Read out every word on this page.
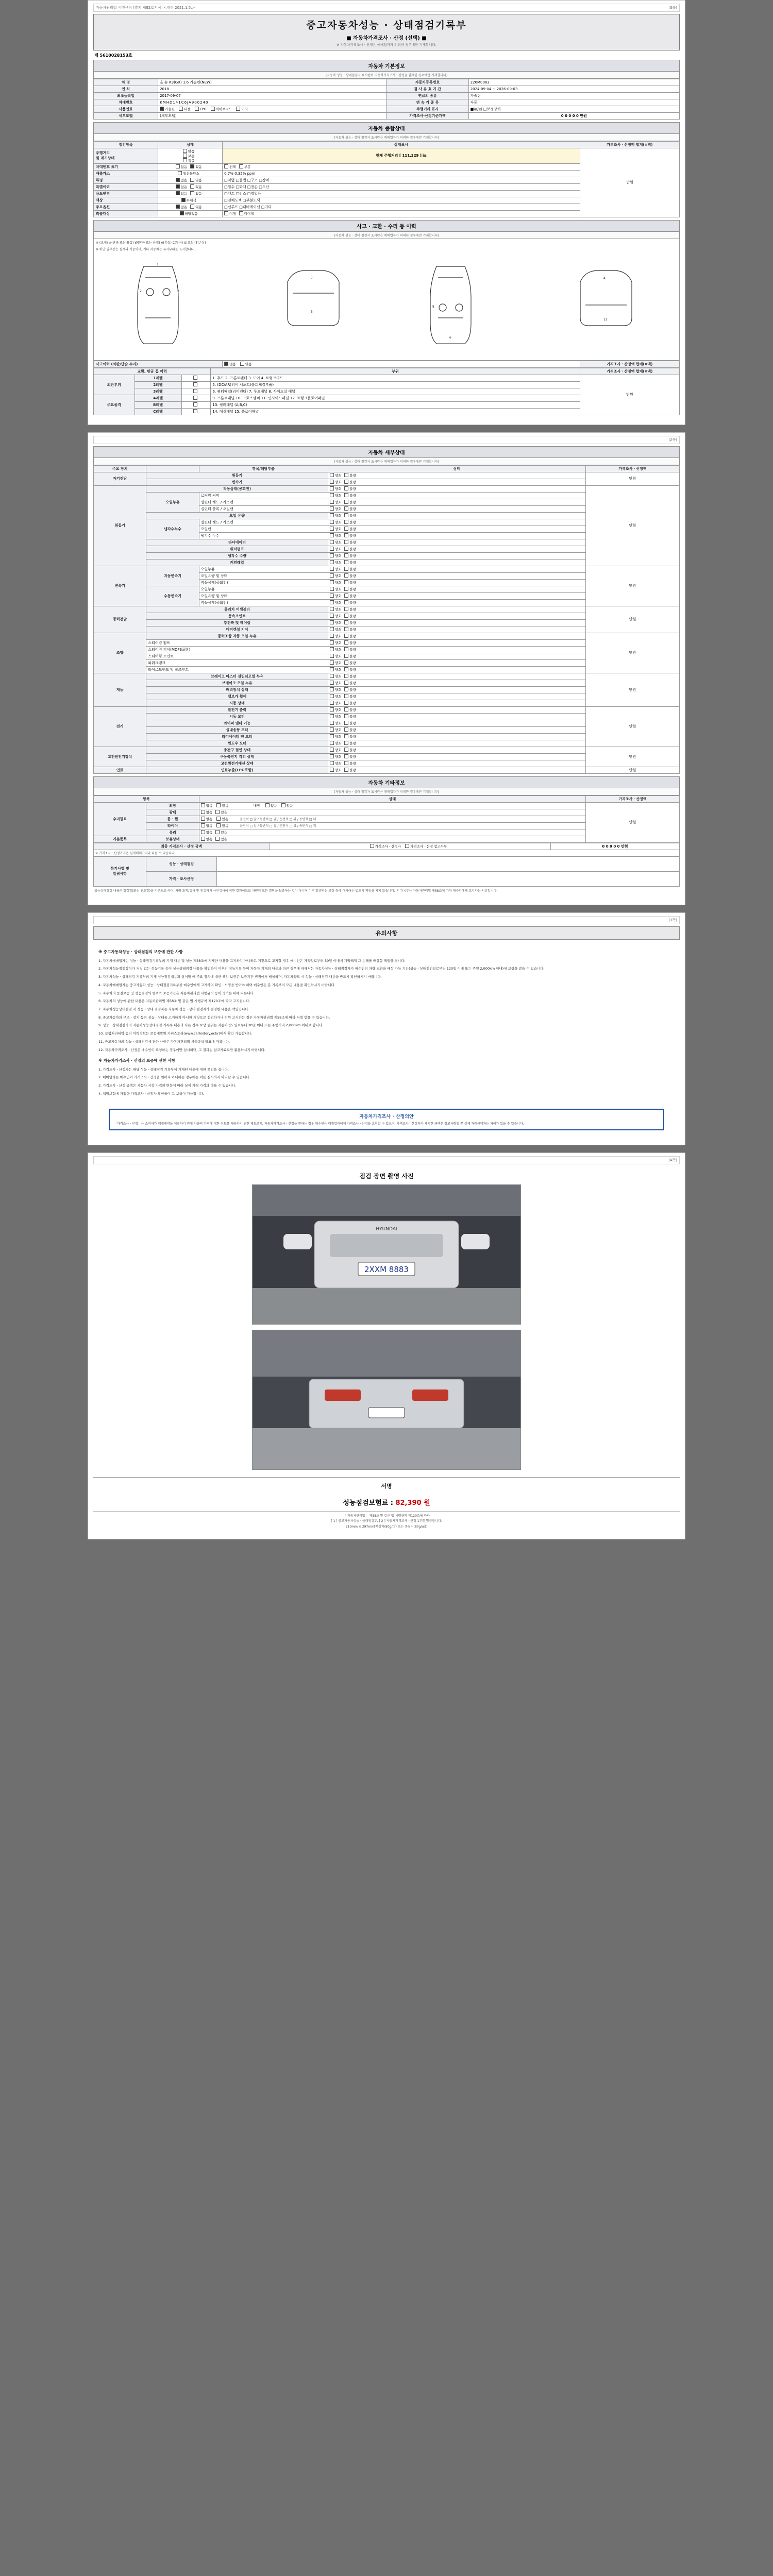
자동차관리법 시행규칙 [별지 제82호서식] <개정 2021.1.5.>	(3쪽)
중고자동차성능 · 상태점검기록부
■ 자동차가격조사 · 산정 (선택) ■
※ 자동차가격조사ㆍ산정은 매매업자가 의뢰한 경우에만 기재합니다.
제 5610028153호
자동차 기본정보
(자동차 성능ㆍ상태점검자 표시란이 자동차가격조사ㆍ산정을 함께한 경우에만 기재합니다)
차 명	올 뉴 K3(GX) 1.6 가솔린(NEW)	자동차등록번호	226M0003
연 식	2018	검 사 유 효 기 간	2024-09-04 ~ 2026-09-03
최초등록일	2017-09-07	연료의 종류	가솔린
차대번호	KMHD141C6JA900240	변 속 기 종 류	자동
사용연료	가솔린 디젤 LPG 하이브리드 기타	주행거리 표시	■㎞/㎢ □보정장치
세부모델	(세부모델)	가격조사·산정기준가액	0 0 0 0 0 만원
자동차 종합상태
(자동차 성능ㆍ상태 점검자 표시란은 매매업자가 의뢰한 경우에만 기재합니다)
점검항목	상태	상태표시	가격조사ㆍ산정액 합계(×액)
주행거리
및 계기상태	많음
보통
적음	현재 주행거리 [ 111,229 ] ㎞	만원
차대번호 표기	없음 있음	전체 부분	
배출가스	일산화탄소	0.7% 0.35% ppm	
튜닝	없음 있음	□적법 □불법 □구조 □장치	
특별이력	없음 있음	□침수 □화재 □전손 □도난	
용도변경	없음 있음	□렌트 □리스 □영업용	
색상	무채색	□전체도색 □부분도색	
주요옵션	없음 있음	□선루프 □내비게이션 □기타	
리콜대상	해당없음	이행 미이행	
사고 · 교환 · 수리 등 이력
(자동차 성능ㆍ상태 점검자 표시란은 매매업자가 의뢰한 경우에만 기재합니다)
※ (교체) ×(판금 또는 용접) W(판금 또는 용접) A(흠집) C(부식) U(요철) T(손상)
※ 하단 일부분은 실제의 기준이며, 기타 자동차는 유사부위를 표시합니다.
1
2	3
7
5
6
8
4
12
사고이력 (외판/단순 수리)	없음	있음	가격조사ㆍ산정액 합계(×액)
교환, 판금 등 이력			부위	가격조사ㆍ산정액 합계(×액)
외판부위	1레벨		1. 후드 2. 프론트펜더 3. 도어 4. 트렁크리드	만원
	2레벨		5. (DC/AR)리어 서포트(볼트체결부품)	
	3레벨		6. 쿼터패널(리어펜더) 7. 루프패널 8. 사이드실 패널	
주요골격	A레벨		9. 프론트패널 10. 크로스멤버 11. 인사이드패널 12. 트렁크플로어패널	
	B레벨		13. 필러패널 (A,B,C)	
	C레벨		14. 대쉬패널 15. 플로어패널	
(2쪽)
자동차 세부상태
(자동차 성능ㆍ상태 점검자 표시란은 매매업자가 의뢰한 경우에만 기재합니다)
주요 장치		항목/해당부품	상태	가격조사ㆍ산정액
자기진단	원동기		양호 불량	만원
	변속기		양호 불량	
원동기	작동상태(공회전)		양호 불량	만원
	오일누유	로커암 커버	양호 불량	
		실린더 헤드 / 가스켓	양호 불량	
		실린더 블록 / 오일팬	양호 불량	
	오일 유량		양호 불량	
	냉각수누수	실린더 헤드 / 가스켓	양호 불량	
		오일팬	양호 불량	
		냉각수 누수	양호 불량	
	라디에이터		양호 불량	
	워터펌프		양호 불량	
	냉각수 수량		양호 불량	
	커먼레일		양호 불량	
변속기	자동변속기	오일누유	양호 불량	만원
		오일유량 및 상태	양호 불량	
		작동상태(공회전)	양호 불량	
	수동변속기	오일누유	양호 불량	
		오일유량 및 상태	양호 불량	
		작동상태(공회전)	양호 불량	
동력전달	클러치 어셈블리		양호 불량	만원
	등속조인트		양호 불량	
	추진축 및 베어링		양호 불량	
	디퍼렌셜 기어		양호 불량	
조향	동력조향 작동 오일 누유		양호 불량	만원
	스티어링 펌프		양호 불량	
	스티어링 기어(MDPS포함)		양호 불량	
	스티어링 조인트		양호 불량	
	파워크랭크		양호 불량	
	타이로드엔드 및 볼조인트		양호 불량	
제동	브레이크 마스터 실린더오일 누유		양호 불량	만원
	브레이크 오일 누유		양호 불량	
	배력장치 상태		양호 불량	
	밸브가 휨에		양호 불량	
	시동 상태		양호 불량	
전기	발전기 출력		양호 불량	만원
	시동 모터		양호 불량	
	와이퍼 델타 기능		양호 불량	
	실내송풍 모터		양호 불량	
	라디에이터 팬 모터		양호 불량	
	윈도우 모터		양호 불량	
고전원전기장치	충전구 절연 상태		양호 불량	만원
	구동축전지 격리 상태		양호 불량	
	고전원전기배선 상태		양호 불량	
연료	연료누출(LPG포함)		양호 불량	만원
자동차 기타정보
(자동차 성능ㆍ상태 점검자 표시란은 매매업자가 의뢰한 경우에만 기재합니다)
항목		상태	가격조사ㆍ산정액
수리필요	외장	없음 있음 내장 없음 있음	만원
	광택	없음 있음	
	룸 · 휠	없음 있음 운전석 □ 앞 / 동반석 □ 앞 / 운전석 □ 뒤 / 동반석 □ 뒤	
	타이어	없음 있음 운전석 □ 앞 / 동반석 □ 앞 / 운전석 □ 뒤 / 동반석 □ 뒤	
	유리	없음 있음	
기본품목	보유상태	없음 있음	
최종 가격조사 · 산정 금액	가격조사ㆍ산정자	가격조사ㆍ산정 참고사항	0 0 0 0 0 만원
※ 가격조사ㆍ산정가격은 실제매매가격과 다를 수 있습니다.
특기사항 및
알림사항	성능 · 상태점검	
	가격 · 조사산정	
성능상태점검 내용은 점검일(또는 인도일)을 기준으로 하며, 차량 도착/검사 및 점검자의 육안검사에 의한 결과이므로 차량의 모든 결함을 보증하는 것이 아니며 이후 발생되는 고장 등에 대하여는 별도의 책임을 지지 않습니다. 본 기록부는 자동차관리법 제58조에 따라 매수인에게 고지하는 서류입니다.
(3쪽)
유의사항
※ 중고자동차성능 · 상태점검의 보증에 관한 사항

1. 자동차매매업자는 성능ㆍ상태점검기록부의 기재 내용 및 성능 제38조에 기재한 내용을 고지하지 아니하고 거짓으로 고지할 경우 매수인은 계약일로부터 30일 이내에 계약해제 그 손해를 배상할 책임을 집니다.

2. 자동차성능점검장치가 거짓 없는 성능기록 등이 성능상태점검 내용을 확인하여 이후의 성능기록 등이 자동차 기재의 내용과 다른 경우에 대해서는 자동차성능ㆍ상태점검자가 매수인의 차량 교환을 배상 가능 기간(성능ㆍ상태점검일로부터 120일 이내 또는 주행 2,000km 이내)에 보상을 받을 수 있습니다.

3. 자동차성능ㆍ상태점검 기록부의 기재 성능점검내용과 상이할 때 주요 장치에 대한 책임 보증은 보증기간 범위에서 배상하며, 자동차양도 시 성능ㆍ상태점검 내용을 반드시 확인하시기 바랍니다.

4. 자동차매매업자는 중고자동차 성능ㆍ상태점검기록부를 매수인에게 고지하여 확인ㆍ서명을 받아야 하며 매수인은 본 기록부의 모든 내용을 확인하시기 바랍니다.

5. 자동차의 품질보증 및 성능점검의 범위와 보증기간은 자동차관리법 시행규칙 등이 정하는 바에 따릅니다.

6. 자동차의 성능에 관한 내용은 자동차관리법 제58조 및 같은 법 시행규칙 제120조에 따라 고지됩니다.

7. 자동차성능상태점검 시 성능ㆍ상태 점검자는 자동차 성능ㆍ상태 점검자가 점검한 내용을 책임집니다.

8. 중고자동차의 구조ㆍ장치 등의 성능ㆍ상태를 고지하지 아니한 거짓으로 점검하거나 허위 고지하는 경우 자동차관리법 제58조에 따라 처벌 받을 수 있습니다.

9. 성능ㆍ상태점검자의 자동차성능상태점검 기록부 내용과 다른 경우 보상 범위는 자동차인도일로부터 30일 이내 또는 주행거리 2,000km 이내로 합니다.

10. 보험처리내역 등의 이력정보는 보험개발원 카히스토리(www.carhistory.or.kr)에서 확인 가능합니다.

11. 중고자동차의 성능ㆍ상태점검에 관한 사항은 자동차관리법 시행규칙 별표에 따릅니다.

12. 자동차가격조사ㆍ산정은 매수인이 요청하는 경우에만 실시하며, 그 결과는 참고자료로만 활용하시기 바랍니다.

※ 자동차가격조사 · 산정의 보증에 관한 사항

1. 가격조사ㆍ산정자는 해당 성능ㆍ상태점검 기록부에 기재된 내용에 대한 책임을 집니다.

2. 매매업자는 매수인이 가격조사ㆍ산정을 원하지 아니하는 경우에는 이를 실시하지 아니할 수 있습니다.

3. 가격조사ㆍ산정 금액은 자동차 시장 가격의 변동에 따라 실제 거래 가격과 다를 수 있습니다.

4. 책임보험에 가입한 가격조사ㆍ산정자에 한하여 그 보상이 가능합니다.

자동차가격조사 · 산정의안
「가격조사ㆍ산정」은 소비자가 매매계약을 체결하기 전에 차량의 가격에 대한 정보를 제공하기 위한 제도로서, 자동차가격조사ㆍ산정을 원하는 경우 매수인은 매매업자에게 가격조사ㆍ산정을 요청할 수 있으며, 가격조사ㆍ산정자가 제시한 금액은 참고사항일 뿐 실제 거래금액과는 차이가 있을 수 있습니다.
(4쪽)
점검 장면 촬영 사진
2XXM 8883
HYUNDAI
서명
성능점검보험료 : 82,390 원
「 자동차관리법」 제58조 및 같은 법 시행규칙 제120조에 따라
[ 1 ] 중고자동차성능 · 상태점검부, [ 2 ] 자동차가격조사 · 산정 1부를 발급합니다.
210mm × 297mm[백상지(80g/㎡) 또는 중질지(80g/㎡)]
